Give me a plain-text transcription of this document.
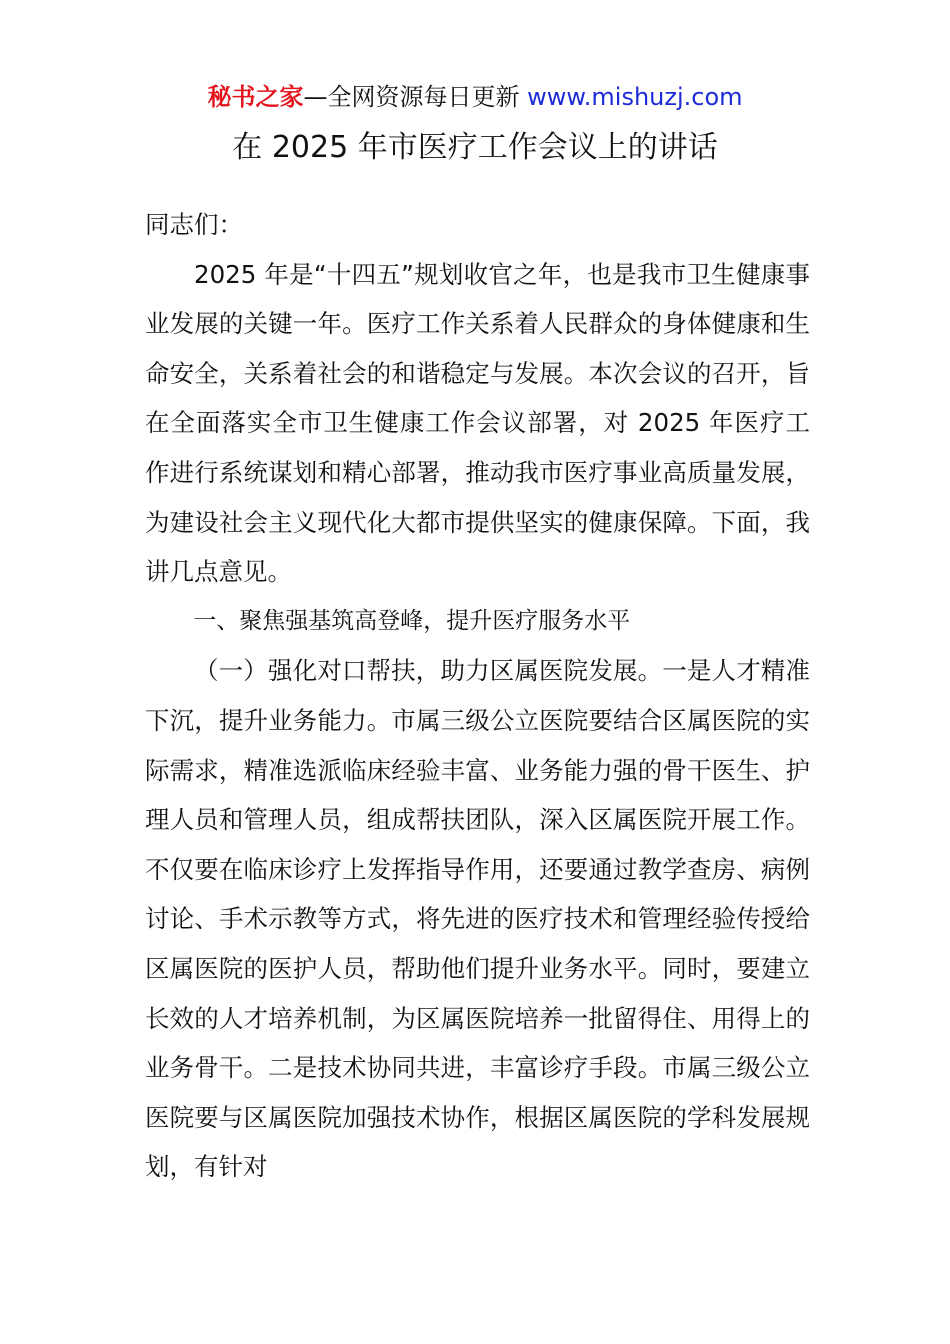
秘书之家—全网资源每日更新 www.mishuzj.com
在 2025 年市医疗工作会议上的讲话

同志们：

2025 年是“十四五”规划收官之年，也是我市卫生健康事业发展的关键一年。医疗工作关系着人民群众的身体健康和生命安全，关系着社会的和谐稳定与发展。本次会议的召开，旨在全面落实全市卫生健康工作会议部署，对 2025 年医疗工作进行系统谋划和精心部署，推动我市医疗事业高质量发展，为建设社会主义现代化大都市提供坚实的健康保障。下面，我讲几点意见。

一、聚焦强基筑高登峰，提升医疗服务水平

（一）强化对口帮扶，助力区属医院发展。一是人才精准下沉，提升业务能力。市属三级公立医院要结合区属医院的实际需求，精准选派临床经验丰富、业务能力强的骨干医生、护理人员和管理人员，组成帮扶团队，深入区属医院开展工作。不仅要在临床诊疗上发挥指导作用，还要通过教学查房、病例讨论、手术示教等方式，将先进的医疗技术和管理经验传授给区属医院的医护人员，帮助他们提升业务水平。同时，要建立长效的人才培养机制，为区属医院培养一批留得住、用得上的业务骨干。二是技术协同共进，丰富诊疗手段。市属三级公立医院要与区属医院加强技术协作，根据区属医院的学科发展规划，有针对
